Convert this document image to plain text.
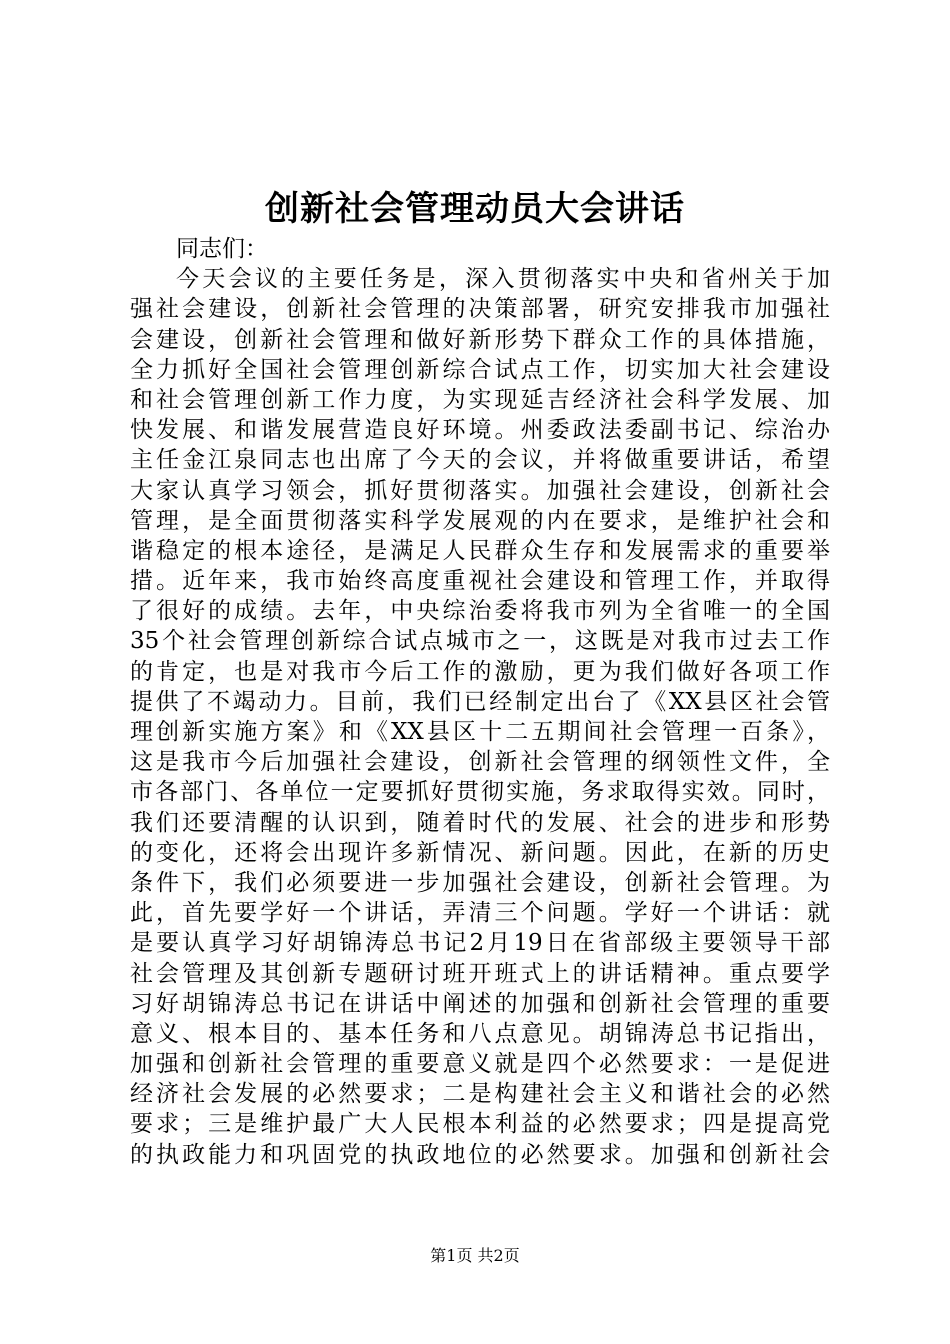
创新社会管理动员大会讲话
同志们：
今天会议的主要任务是，深入贯彻落实中央和省州关于加
强社会建设，创新社会管理的决策部署，研究安排我市加强社
会建设，创新社会管理和做好新形势下群众工作的具体措施，
全力抓好全国社会管理创新综合试点工作，切实加大社会建设
和社会管理创新工作力度，为实现延吉经济社会科学发展、加
快发展、和谐发展营造良好环境。州委政法委副书记、综治办
主任金江泉同志也出席了今天的会议，并将做重要讲话，希望
大家认真学习领会，抓好贯彻落实。加强社会建设，创新社会
管理，是全面贯彻落实科学发展观的内在要求，是维护社会和
谐稳定的根本途径，是满足人民群众生存和发展需求的重要举
措。近年来，我市始终高度重视社会建设和管理工作，并取得
了很好的成绩。去年，中央综治委将我市列为全省唯一的全国
35个社会管理创新综合试点城市之一，这既是对我市过去工作
的肯定，也是对我市今后工作的激励，更为我们做好各项工作
提供了不竭动力。目前，我们已经制定出台了《XX县区社会管
理创新实施方案》和《XX县区十二五期间社会管理一百条》，
这是我市今后加强社会建设，创新社会管理的纲领性文件，全
市各部门、各单位一定要抓好贯彻实施，务求取得实效。同时，
我们还要清醒的认识到，随着时代的发展、社会的进步和形势
的变化，还将会出现许多新情况、新问题。因此，在新的历史
条件下，我们必须要进一步加强社会建设，创新社会管理。为
此，首先要学好一个讲话，弄清三个问题。学好一个讲话：就
是要认真学习好胡锦涛总书记2月19日在省部级主要领导干部
社会管理及其创新专题研讨班开班式上的讲话精神。重点要学
习好胡锦涛总书记在讲话中阐述的加强和创新社会管理的重要
意义、根本目的、基本任务和八点意见。胡锦涛总书记指出，
加强和创新社会管理的重要意义就是四个必然要求：一是促进
经济社会发展的必然要求；二是构建社会主义和谐社会的必然
要求；三是维护最广大人民根本利益的必然要求；四是提高党
的执政能力和巩固党的执政地位的必然要求。加强和创新社会
第1页 共2页
